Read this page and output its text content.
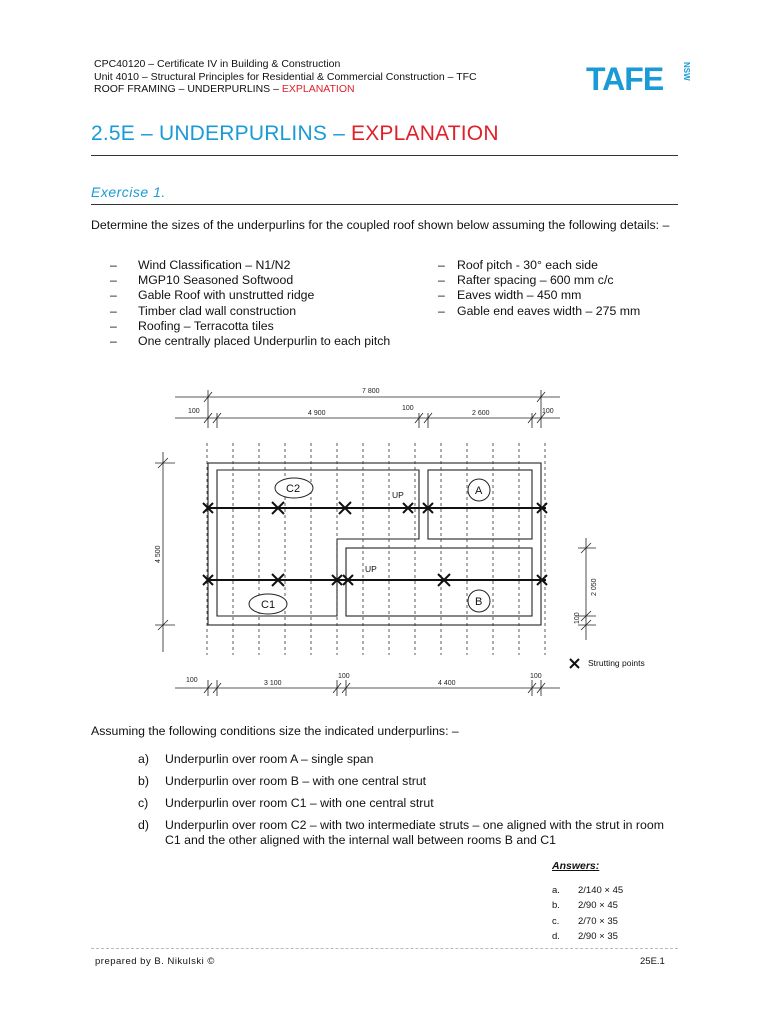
CPC40120 – Certificate IV in Building & Construction
Unit 4010 – Structural Principles for Residential & Commercial Construction – TFC
ROOF FRAMING – UNDERPURLINS – EXPLANATION	TAFE NSW
2.5E – UNDERPURLINS – EXPLANATION
Exercise 1.
Determine the sizes of the underpurlins for the coupled roof shown below assuming the following details: –
– Wind Classification – N1/N2
– MGP10 Seasoned Softwood
– Gable Roof with unstrutted ridge
– Timber clad wall construction
– Roofing – Terracotta tiles
– One centrally placed Underpurlin to each pitch
– Roof pitch - 30° each side
– Rafter spacing – 600 mm c/c
– Eaves width – 450 mm
– Gable end eaves width – 275 mm
7 800
100	4 900
100
2 600	100
4 500
2 050
100
100	3 100
100
4 400
100
C2	A
C1	B
UP
UP
Strutting points
Assuming the following conditions size the indicated underpurlins: –
a) Underpurlin over room A – single span
b) Underpurlin over room B – with one central strut
c) Underpurlin over room C1 – with one central strut
d) Underpurlin over room C2 – with two intermediate struts – one aligned with the strut in room C1 and the other aligned with the internal wall between rooms B and C1
Answers:
a. 2/140 × 45
b. 2/90 × 45
c. 2/70 × 35
d. 2/90 × 35
prepared by B. Nikulski ©	25E.1
